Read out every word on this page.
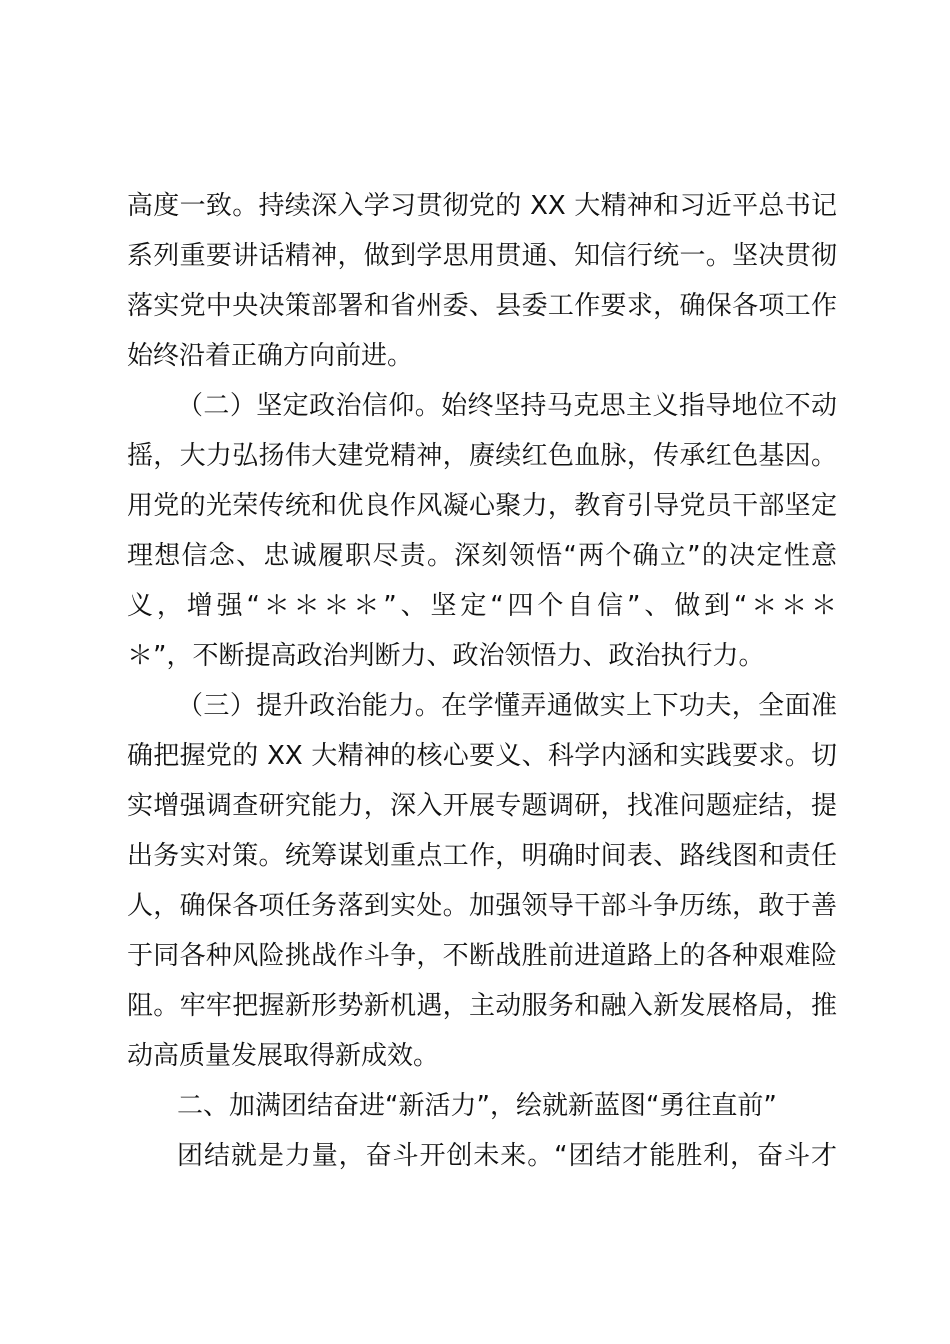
高度一致。持续深入学习贯彻党的 XX 大精神和习近平总书记
系列重要讲话精神，做到学思用贯通、知信行统一。坚决贯彻
落实党中央决策部署和省州委、县委工作要求，确保各项工作
始终沿着正确方向前进。
（二）坚定政治信仰。始终坚持马克思主义指导地位不动
摇，大力弘扬伟大建党精神，赓续红色血脉，传承红色基因。
用党的光荣传统和优良作风凝心聚力，教育引导党员干部坚定
理想信念、忠诚履职尽责。深刻领悟“两个确立”的决定性意
义，增强“＊＊＊＊”、坚定“四个自信”、做到“＊＊＊
＊”，不断提高政治判断力、政治领悟力、政治执行力。
（三）提升政治能力。在学懂弄通做实上下功夫，全面准
确把握党的 XX 大精神的核心要义、科学内涵和实践要求。切
实增强调查研究能力，深入开展专题调研，找准问题症结，提
出务实对策。统筹谋划重点工作，明确时间表、路线图和责任
人，确保各项任务落到实处。加强领导干部斗争历练，敢于善
于同各种风险挑战作斗争，不断战胜前进道路上的各种艰难险
阻。牢牢把握新形势新机遇，主动服务和融入新发展格局，推
动高质量发展取得新成效。
二、加满团结奋进“新活力”，绘就新蓝图“勇往直前”
团结就是力量，奋斗开创未来。“团结才能胜利，奋斗才
